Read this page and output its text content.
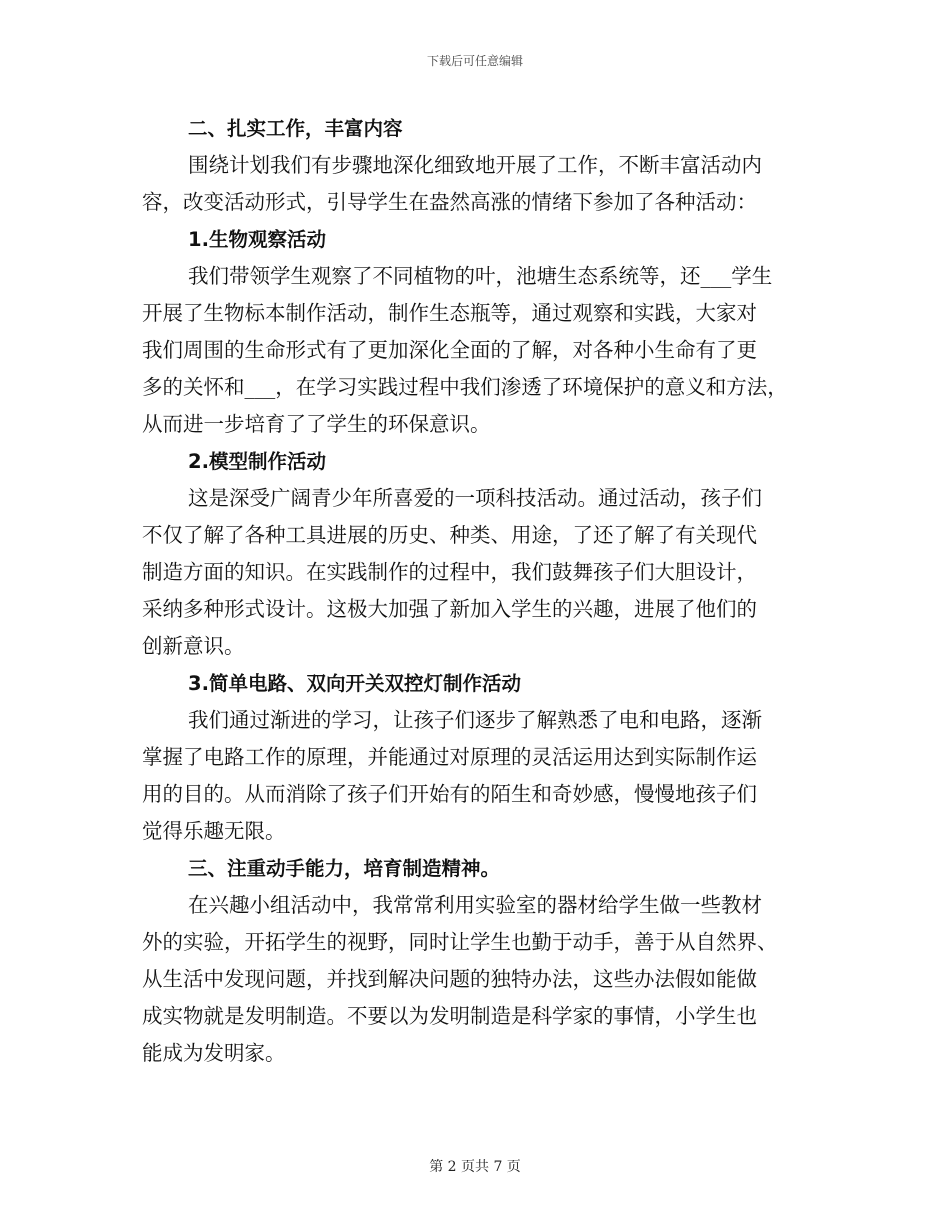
下载后可任意编辑
二、扎实工作，丰富内容
围绕计划我们有步骤地深化细致地开展了工作，不断丰富活动内
容，改变活动形式，引导学生在盎然高涨的情绪下参加了各种活动：
1.生物观察活动
我们带领学生观察了不同植物的叶，池塘生态系统等，还___学生
开展了生物标本制作活动，制作生态瓶等，通过观察和实践，大家对
我们周围的生命形式有了更加深化全面的了解，对各种小生命有了更
多的关怀和___，在学习实践过程中我们渗透了环境保护的意义和方法，
从而进一步培育了了学生的环保意识。
2.模型制作活动
这是深受广阔青少年所喜爱的一项科技活动。通过活动，孩子们
不仅了解了各种工具进展的历史、种类、用途，了还了解了有关现代
制造方面的知识。在实践制作的过程中，我们鼓舞孩子们大胆设计，
采纳多种形式设计。这极大加强了新加入学生的兴趣，进展了他们的
创新意识。
3.简单电路、双向开关双控灯制作活动
我们通过渐进的学习，让孩子们逐步了解熟悉了电和电路，逐渐
掌握了电路工作的原理，并能通过对原理的灵活运用达到实际制作运
用的目的。从而消除了孩子们开始有的陌生和奇妙感，慢慢地孩子们
觉得乐趣无限。
三、注重动手能力，培育制造精神。
在兴趣小组活动中，我常常利用实验室的器材给学生做一些教材
外的实验，开拓学生的视野，同时让学生也勤于动手，善于从自然界、
从生活中发现问题，并找到解决问题的独特办法，这些办法假如能做
成实物就是发明制造。不要以为发明制造是科学家的事情，小学生也
能成为发明家。
第 2 页共 7 页
